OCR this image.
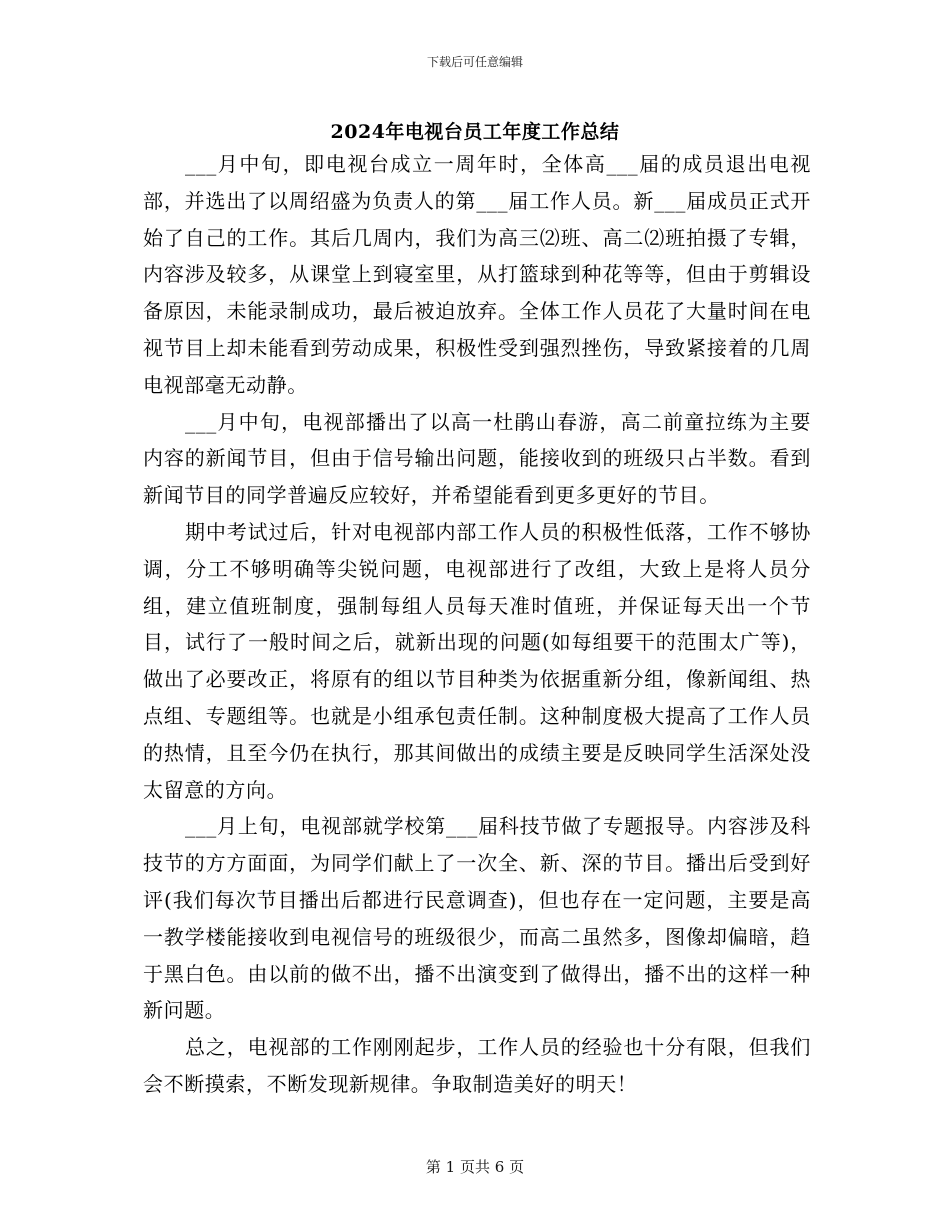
下载后可任意编辑
2024年电视台员工年度工作总结

___月中旬，即电视台成立一周年时，全体高___届的成员退出电视部，并选出了以周绍盛为负责人的第___届工作人员。新___届成员正式开始了自己的工作。其后几周内，我们为高三⑵班、高二⑵班拍摄了专辑，内容涉及较多，从课堂上到寝室里，从打篮球到种花等等，但由于剪辑设备原因，未能录制成功，最后被迫放弃。全体工作人员花了大量时间在电视节目上却未能看到劳动成果，积极性受到强烈挫伤，导致紧接着的几周电视部毫无动静。

___月中旬，电视部播出了以高一杜鹃山春游，高二前童拉练为主要内容的新闻节目，但由于信号输出问题，能接收到的班级只占半数。看到新闻节目的同学普遍反应较好，并希望能看到更多更好的节目。

期中考试过后，针对电视部内部工作人员的积极性低落，工作不够协调，分工不够明确等尖锐问题，电视部进行了改组，大致上是将人员分组，建立值班制度，强制每组人员每天准时值班，并保证每天出一个节目，试行了一般时间之后，就新出现的问题(如每组要干的范围太广等)，做出了必要改正，将原有的组以节目种类为依据重新分组，像新闻组、热点组、专题组等。也就是小组承包责任制。这种制度极大提高了工作人员的热情，且至今仍在执行，那其间做出的成绩主要是反映同学生活深处没太留意的方向。

___月上旬，电视部就学校第___届科技节做了专题报导。内容涉及科技节的方方面面，为同学们献上了一次全、新、深的节目。播出后受到好评(我们每次节目播出后都进行民意调查)，但也存在一定问题，主要是高一教学楼能接收到电视信号的班级很少，而高二虽然多，图像却偏暗，趋于黑白色。由以前的做不出，播不出演变到了做得出，播不出的这样一种新问题。

总之，电视部的工作刚刚起步，工作人员的经验也十分有限，但我们会不断摸索，不断发现新规律。争取制造美好的明天！

第 1 页共 6 页
